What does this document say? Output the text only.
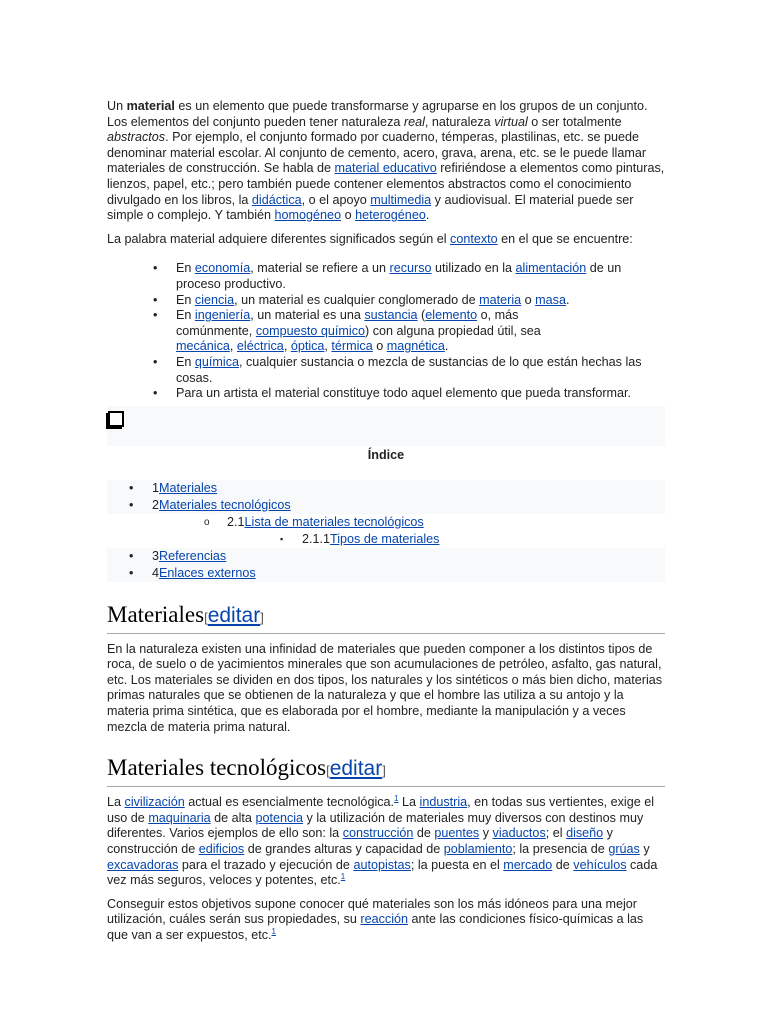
Un material es un elemento que puede transformarse y agruparse en los grupos de un conjunto. Los elementos del conjunto pueden tener naturaleza real, naturaleza virtual o ser totalmente abstractos. Por ejemplo, el conjunto formado por cuaderno, témperas, plastilinas, etc. se puede denominar material escolar. Al conjunto de cemento, acero, grava, arena, etc. se le puede llamar materiales de construcción. Se habla de material educativo refiriéndose a elementos como pinturas, lienzos, papel, etc.; pero también puede contener elementos abstractos como el conocimiento divulgado en los libros, la didáctica, o el apoyo multimedia y audiovisual. El material puede ser simple o complejo. Y también homogéneo o heterogéneo.

La palabra material adquiere diferentes significados según el contexto en el que se encuentre:

• En economía, material se refiere a un recurso utilizado en la alimentación de un proceso productivo.
• En ciencia, un material es cualquier conglomerado de materia o masa.
• En ingeniería, un material es una sustancia (elemento o, más comúnmente, compuesto químico) con alguna propiedad útil, sea mecánica, eléctrica, óptica, térmica o magnética.
• En química, cualquier sustancia o mezcla de sustancias de lo que están hechas las cosas.
• Para un artista el material constituye todo aquel elemento que pueda transformar.
Índice
• 1Materiales
• 2Materiales tecnológicos
o 2.1Lista de materiales tecnológicos
▪ 2.1.1Tipos de materiales
• 3Referencias
• 4Enlaces externos
Materiales[editar]

En la naturaleza existen una infinidad de materiales que pueden componer a los distintos tipos de roca, de suelo o de yacimientos minerales que son acumulaciones de petróleo, asfalto, gas natural, etc. Los materiales se dividen en dos tipos, los naturales y los sintéticos o más bien dicho, materias primas naturales que se obtienen de la naturaleza y que el hombre las utiliza a su antojo y la materia prima sintética, que es elaborada por el hombre, mediante la manipulación y a veces mezcla de materia prima natural.

Materiales tecnológicos[editar]

La civilización actual es esencialmente tecnológica.$^1$ La industria, en todas sus vertientes, exige el uso de maquinaria de alta potencia y la utilización de materiales muy diversos con destinos muy diferentes. Varios ejemplos de ello son: la construcción de puentes y viaductos; el diseño y construcción de edificios de grandes alturas y capacidad de poblamiento; la presencia de grúas y excavadoras para el trazado y ejecución de autopistas; la puesta en el mercado de vehículos cada vez más seguros, veloces y potentes, etc.$^1$

Conseguir estos objetivos supone conocer qué materiales son los más idóneos para una mejor utilización, cuáles serán sus propiedades, su reacción ante las condiciones físico-químicas a las que van a ser expuestos, etc.$^1$
